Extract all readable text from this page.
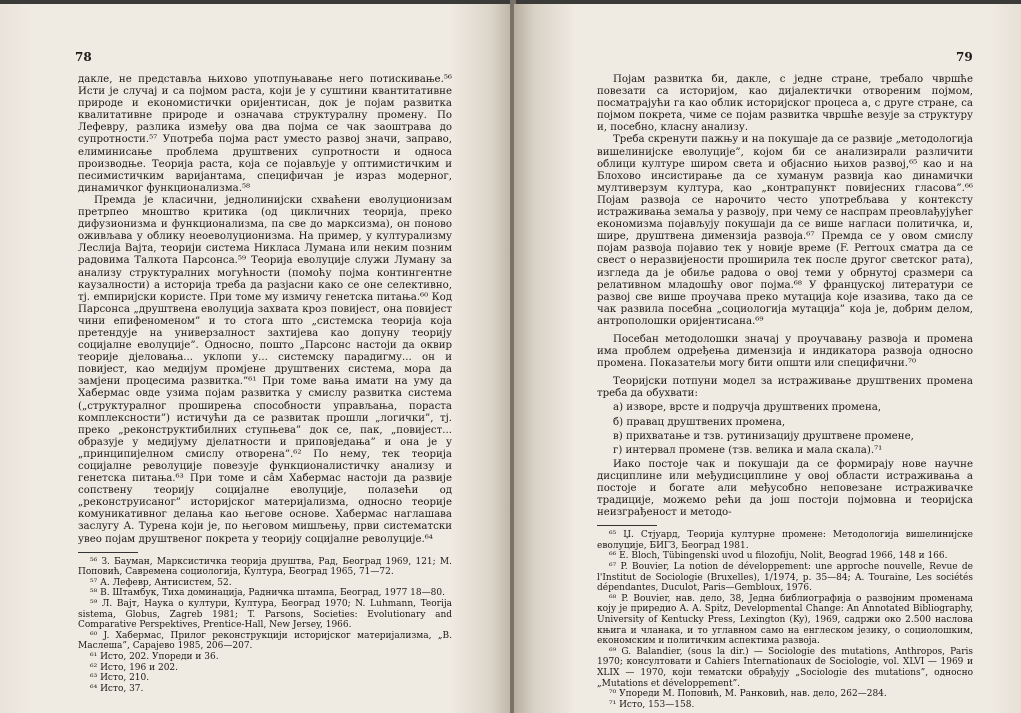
78

дакле, не представља њихово употпуњавање него потискивање.⁵⁶ Исти је случај и са појмом раста, који је у суштини квантитативне природе и економистички оријентисан, док је појам развитка квалитативне природе и означава структуралну промену. По Лефевру, разлика између ова два појма се чак заоштрава до супротности.⁵⁷ Употреба појма раст уместо развој значи, заправо, елиминисање проблема друштвених супротности и односа производње. Теорија раста, која се појављује у оптимистичким и песимистичким варијантама, специфичан је израз модерног, динамичког функционализма.⁵⁸

Премда је класични, једнолинијски схваћени еволуционизам претрпео мноштво критика (од цикличних теорија, преко дифузионизма и функционализма, па све до марксизма), он поново оживљава у облику неоеволуционизма. На пример, у културализму Леслија Вајта, теорији система Никласа Лумана или неким позним радовима Талкота Парсонса.⁵⁹ Теорија еволуције служи Луману за анализу структуралних могућности (помоћу појма контингентне каузалности) а историја треба да разјасни како се оне селективно, тј. емпиријски користе. При томе му измичу генетска питања.⁶⁰ Код Парсонса „друштвена еволуција захвата кроз повијест, она повијест чини епифеноменом” и то стога што „системска теорија која претендује на универзалност захтијева као допуну теорију социјалне еволуције”. Односно, пошто „Парсонс настоји да оквир теорије дјеловања... уклопи у... системску парадигму... он и повијест, као медијум промјене друштвених система, мора да замјени процесима развитка.”⁶¹ При томе вања имати на уму да Хабермас овде узима појам развитка у смислу развитка система („структуралног проширења способности управљања, пораста комплексности”) истичући да се развитак прошли „логички”, тј. преко „реконструктибилних ступњева” док се, пак, „повијест... образује у медијуму дјелатности и приповједања” и она је у „принципијелном смислу отворена”.⁶² По нему, тек теорија социјалне револуције повезује функционалистичку анализу и генетска питања.⁶³ При томе и сâм Хабермас настоји да развије сопствену теорију социјалне еволуције, полазећи од „реконструисаног” историјског материјализма, односно теорије комуникативног делања као његове основе. Хабермас наглашава заслугу А. Турена који је, по његовом мишљењу, први систематски увео појам друштвеног покрета у теорију социјалне револуције.⁶⁴

⁵⁶ З. Бауман, Марксистичка теорија друштва, Рад, Београд 1969, 121; М. Поповић, Савремена социологија, Култура, Београд 1965, 71—72.

⁵⁷ А. Лефевр, Антисистем, 52.

⁵⁸ В. Штамбук, Тиха доминација, Радничка штампа, Београд, 1977 18—80.

⁵⁹ Л. Вајт, Наука о култури, Култура, Београд 1970; N. Luhmann, Teorija sistema, Globus, Zagreb 1981; T. Parsons, Societies: Evolutionary and Comparative Perspektives, Prentice-Hall, New Jersey, 1966.

⁶⁰ J. Хабермас, Прилог реконструкцији историјског материјализма, „В. Маслеша”, Сарајево 1985, 206—207.

⁶¹ Исто, 202. Упореди и 36.

⁶² Исто, 196 и 202.

⁶³ Исто, 210.

⁶⁴ Исто, 37.

79

Појам развитка би, дакле, с једне стране, требало чвршће повезати са историјом, као дијалектички отвореним појмом, посматрајући га као облик историјског процеса а, с друге стране, са појмом покрета, чиме се појам развитка чвршће везује за структуру и, посебно, класну анализу.

Треба скренути пажњу и на покушаје да се развије „методологија вишелинијске еволуције”, којом би се анализирали различити облици културе широм света и објаснио њихов развој,⁶⁵ као и на Блохово инсистирање да се хуманум развија као динамички мултиверзум култура, као „контрапункт повијесних гласова”.⁶⁶ Појам развоја се нарочито често употребљава у контексту истраживања земаља у развоју, при чему се наспрам преовлађујућег економизма појављују покушаји да се више нагласи политичка, и, шире, друштвена димензија развоја.⁶⁷ Премда се у овом смислу појам развоја појавио тек у новије време (F. Perroux сматра да се свест о неразвијености проширила тек после другог светског рата), изгледа да је обиље радова о овој теми у обрнутој сразмери са релативном младошћу овог појма.⁶⁸ У француској литератури се развој све више проучава преко мутација које изазива, тако да се чак развила посебна „социологија мутација” која је, добрим делом, антрополошки оријентисана.⁶⁹

Посебан методолошки значај у проучавању развоја и промена има проблем одређења димензија и индикатора развоја односно промена. Показатељи могу бити општи или специфични.⁷⁰

Теоријски потпуни модел за истраживање друштвених промена треба да обухвати:

а) изворе, врсте и подручја друштвених промена,
б) правац друштвених промена,
в) прихватање и тзв. рутинизацију друштвене промене,
г) интервал промене (тзв. велика и мала скала).⁷¹

Иако постоје чак и покушаји да се формирају нове научне дисциплине или међудисциплине у овој области истраживања а постоје и богате али међусобно неповезане истраживачке традиције, можемо рећи да још постоји појмовна и теоријска неизграђеност и методо-

⁶⁵ Џ. Стјуард, Теорија културне промене: Методологија вишелинијске еволуције, БИГЗ, Београд 1981.

⁶⁶ E. Bloch, Tübingenski uvod u filozofiju, Nolit, Beograd 1966, 148 и 166.

⁶⁷ P. Bouvier, La notion de développement: une approche nouvelle, Revue de l'Institut de Sociologie (Bruxelles), 1/1974, p. 35—84; A. Touraine, Les sociétés dépendantes, Duculot, Paris—Gembloux, 1976.

⁶⁸ P. Bouvier, нав. дело, 38, Једна библиографија о развојним променама коју је приредио A. A. Spitz, Developmental Change: An Annotated Bibliography, University of Kentucky Press, Lexington (Ky), 1969, садржи око 2.500 наслова књига и чланака, и то углавном само на енглеском језику, о социолошким, економским и политичким аспектима развоја.

⁶⁹ G. Balandier, (sous la dir.) — Sociologie des mutations, Anthropos, Paris 1970; консултовати и Cahiers Internationaux de Sociologie, vol. XLVI — 1969 и XLIX — 1970, који тематски обрађују „Sociologie des mutations”, односно „Mutations et développement”.

⁷⁰ Упореди М. Поповић, М. Ранковић, нав. дело, 262—284.

⁷¹ Исто, 153—158.
